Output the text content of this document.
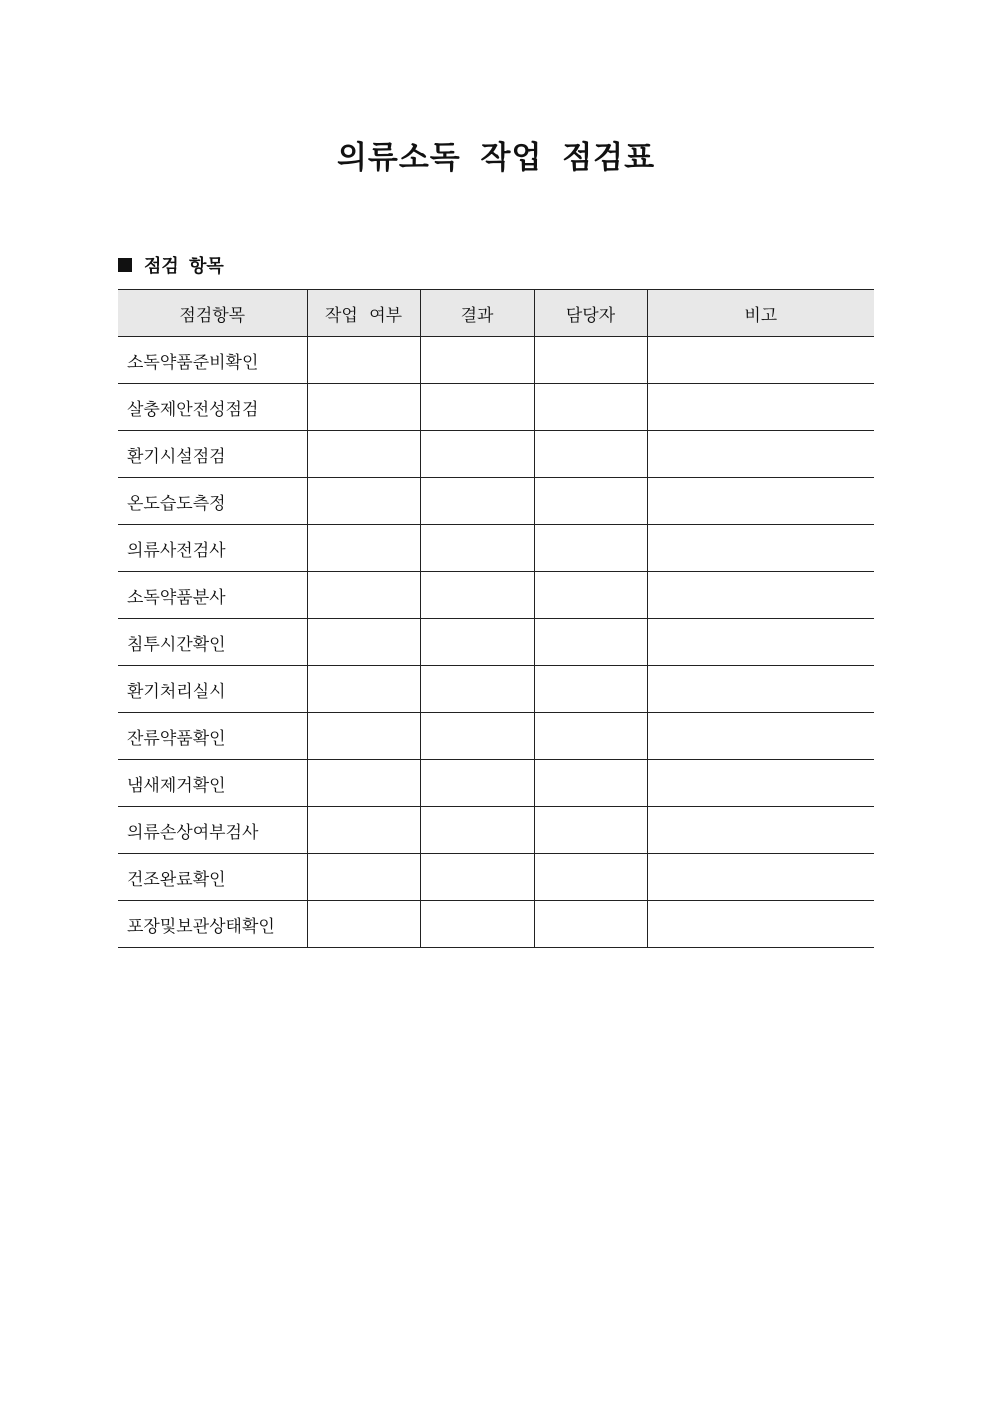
의류소독 작업 점검표
점검 항목
점검항목	작업 여부	결과	담당자	비고
소독약품준비확인				
살충제안전성점검				
환기시설점검				
온도습도측정				
의류사전검사				
소독약품분사				
침투시간확인				
환기처리실시				
잔류약품확인				
냄새제거확인				
의류손상여부검사				
건조완료확인				
포장및보관상태확인				
